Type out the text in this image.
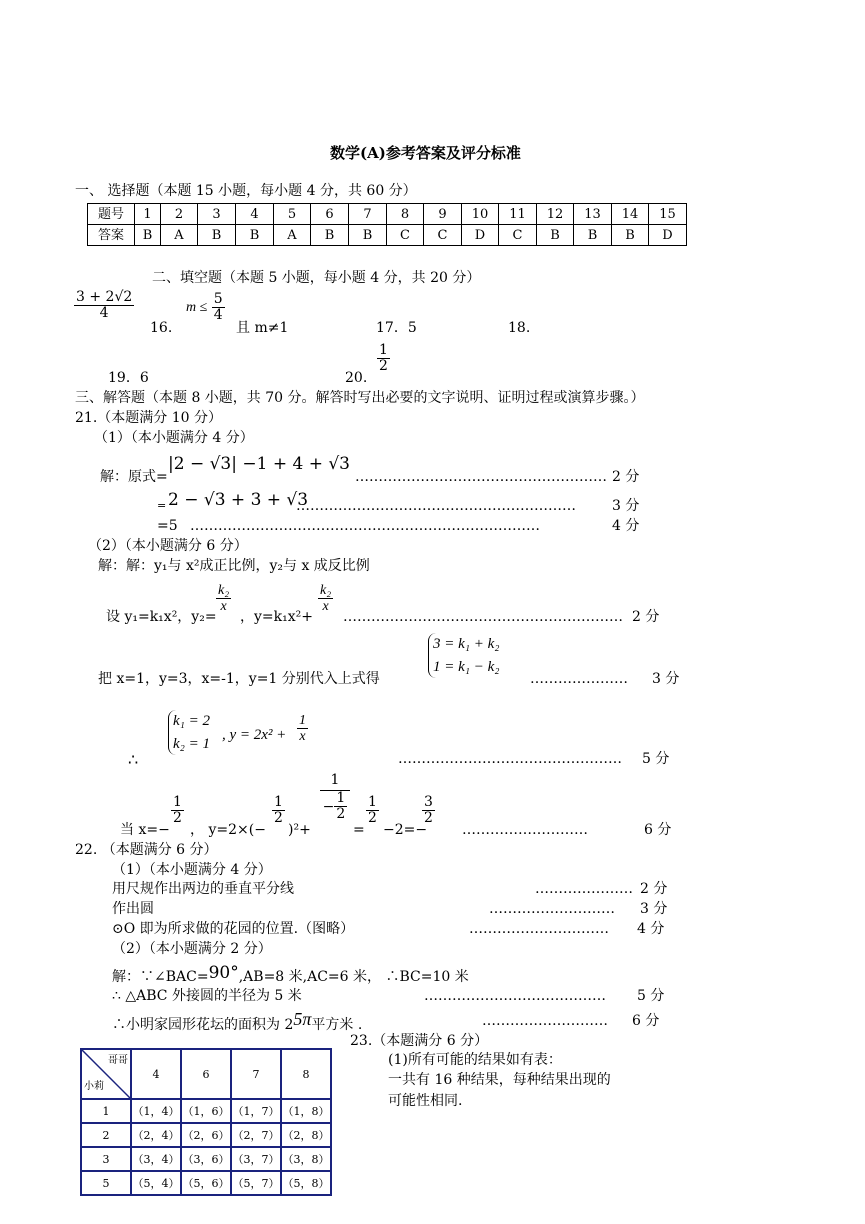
数学(A)参考答案及评分标准
一、 选择题（本题 15 小题，每小题 4 分，共 60 分）
题号	1	2	3	4	5	6	7	8	9	10	11	12	13	14	15
答案	B	A	B	B	A	B	B	C	C	D	C	B	B	B	D
二、填空题（本题 5 小题，每小题 4 分，共 20 分）
$\frac{3 + 2√2}{4}$
16.
$m \le \frac{5}{4}$
且 m≠1	17．5	18.
19．6	20.
$\frac{1}{2}$
三、解答题（本题 8 小题，共 70 分。解答时写出必要的文字说明、证明过程或演算步骤。）
21.（本题满分 10 分）
（1）（本小题满分 4 分）
解：原式=
|2 − √3| −1 + 4 + √3
……………………………………………… 2 分
= 2 − √3 + 3 + √3
……………………………………………………	3 分
=5 …………………………………………………………………	4 分
（2）（本小题满分 6 分）
解：解：y₁与 x²成正比例，y₂与 x 成反比例
设 y₁=k₁x²，y₂=
$\frac{\text{k₂}}{x}$
，y=k₁x²+
$\frac{\text{k₂}}{x}$
…………………………………………………… 2 分
把 x=1，y=3，x=-1，y=1 分别代入上式得
3 = k₁ + k₂
1 = k₁ − k₂
………………… 3 分
∴
k₁ = 2
k₂ = 1
, $y = 2x^2 + \frac{1}{x}$
………………………………………… 5 分
当 x=−
$\frac{1}{2}$
， y=2×(−
$\frac{1}{2}$
)²+
$\frac{1}{- \frac{1}{2}}$
=
$\frac{1}{2}$
−2=−
$\frac{3}{2}$
………………………	6 分
22. （本题满分 6 分）
（1）（本小题满分 4 分）
用尺规作出两边的垂直平分线	………………… 2 分
作出圆	……………………… 3 分
⊙O 即为所求做的花园的位置.（图略）	………………………… 4 分
（2）（本小题满分 2 分）
解：∵∠BAC=90°,AB=8 米,AC=6 米， ∴BC=10 米
∴ △ABC 外接圆的半径为 5 米	………………………………… 5 分
∴小明家园形花坛的面积为 25π平方米 .	……………………… 6 分
23.（本题满分 6 分）
(1)所有可能的结果如有表：
一共有 16 种结果，每种结果出现的
可能性相同.
哥哥
小莉	4	6	7	8
1	（1，4）	（1，6）	（1，7）	（1，8）
2	（2，4）	（2，6）	（2，7）	（2，8）
3	（3，4）	（3，6）	（3，7）	（3，8）
5	（5，4）	（5，6）	（5，7）	（5，8）
